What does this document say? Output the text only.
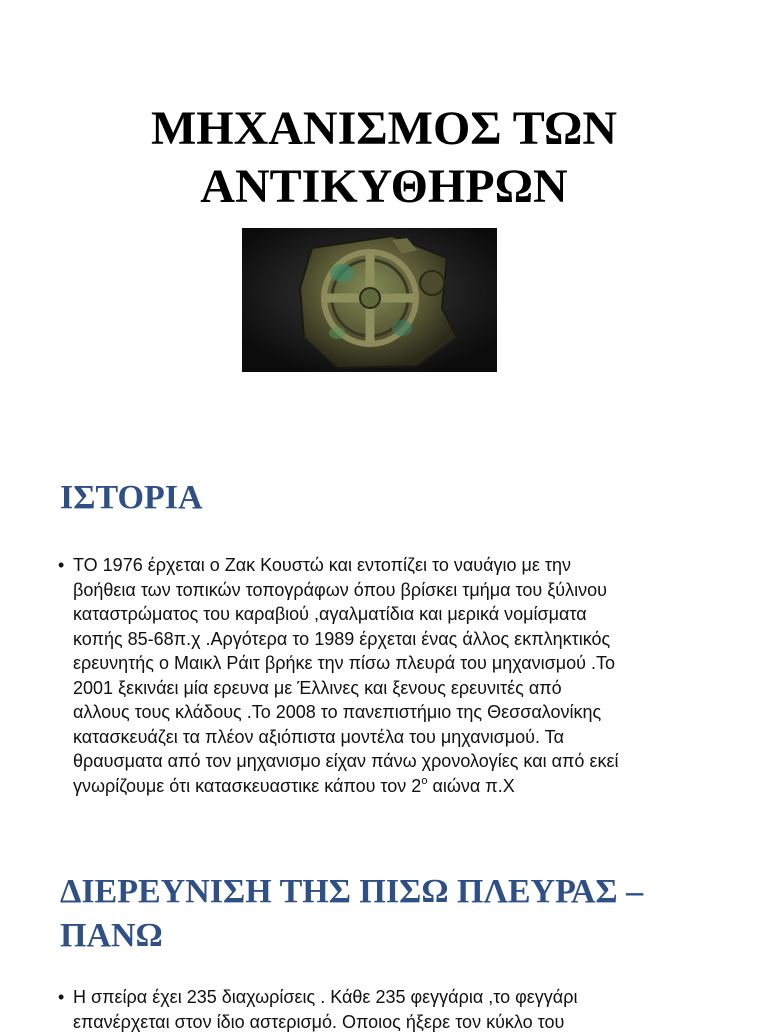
ΜΗΧΑΝΙΣΜΟΣ ΤΩΝ
ΑΝΤΙΚΥΘΗΡΩΝ
ΙΣΤΟΡΙΑ
• ΤΟ 1976 έρχεται ο Ζακ Κουστώ και εντοπίζει το ναυάγιο με την
βοήθεια των τοπικών τοπογράφων όπου βρίσκει τμήμα του ξύλινου
καταστρώματος του καραβιού ,αγαλματίδια και μερικά νομίσματα
κοπής 85-68π.χ .Αργότερα το 1989 έρχεται ένας άλλος εκπληκτικός
ερευνητής ο Μαικλ Ράιτ βρήκε την πίσω πλευρά του μηχανισμού .Το
2001 ξεκινάει μία ερευνα με Έλλινες και ξενους ερευνιτές από
αλλους τους κλάδους .Το 2008 το πανεπιστήμιο της Θεσσαλονίκης
κατασκευάζει τα πλέον αξιόπιστα μοντέλα του μηχανισμού. Τα
θραυσματα από τον μηχανισμο είχαν πάνω χρονολογίες και από εκεί
γνωρίζουμε ότι κατασκευαστικε κάπου τον $2^o$ αιώνα π.Χ
ΔΙΕΡΕΥΝΙΣΗ ΤΗΣ ΠΙΣΩ ΠΛΕΥΡΑΣ –
ΠΑΝΩ
• Η σπείρα έχει 235 διαχωρίσεις . Κάθε 235 φεγγάρια ,το φεγγάρι
επανέρχεται στον ίδιο αστερισμό. Οποιος ήξερε τον κύκλο του
